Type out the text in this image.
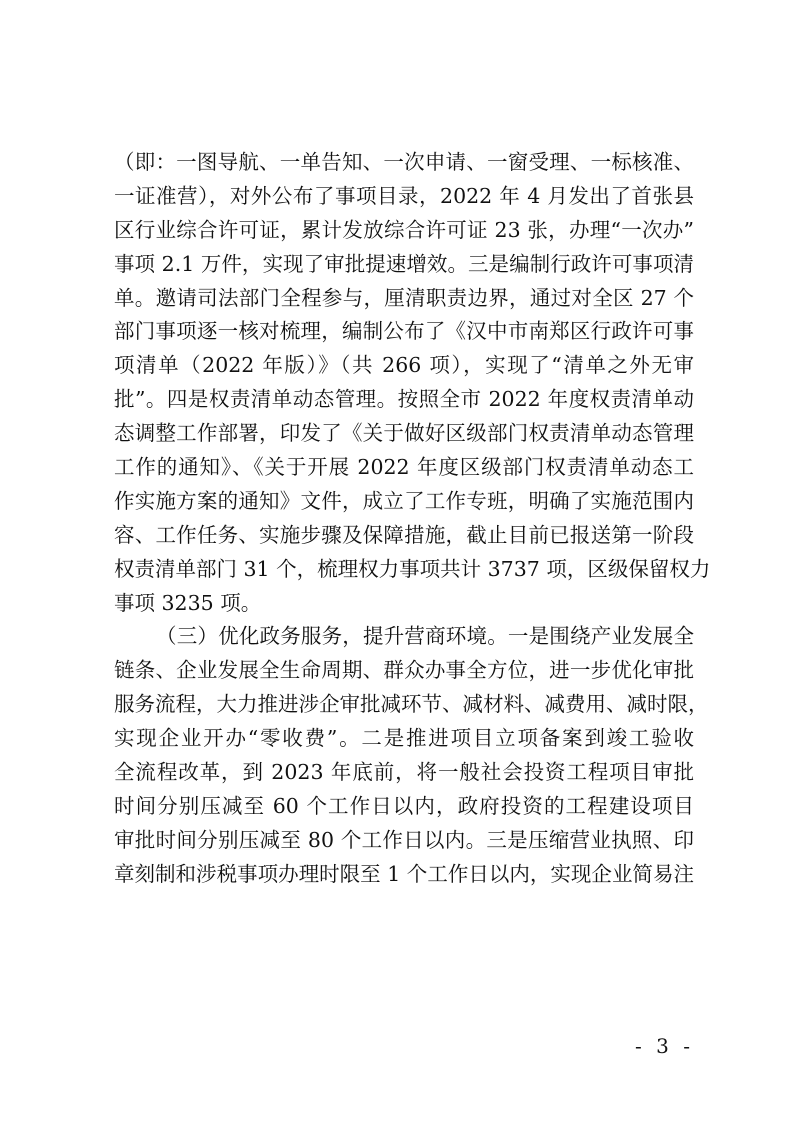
（即：一图导航、一单告知、一次申请、一窗受理、一标核准、
一证准营），对外公布了事项目录，2022 年 4 月发出了首张县
区行业综合许可证，累计发放综合许可证 23 张，办理“一次办”
事项 2.1 万件，实现了审批提速增效。三是编制行政许可事项清
单。邀请司法部门全程参与，厘清职责边界，通过对全区 27 个
部门事项逐一核对梳理，编制公布了《汉中市南郑区行政许可事
项清单（2022 年版）》（共 266 项），实现了“清单之外无审
批”。四是权责清单动态管理。按照全市 2022 年度权责清单动
态调整工作部署，印发了《关于做好区级部门权责清单动态管理
工作的通知》、《关于开展 2022 年度区级部门权责清单动态工
作实施方案的通知》文件，成立了工作专班，明确了实施范围内
容、工作任务、实施步骤及保障措施，截止目前已报送第一阶段
权责清单部门 31 个，梳理权力事项共计 3737 项，区级保留权力
事项 3235 项。
（三）优化政务服务，提升营商环境。一是围绕产业发展全
链条、企业发展全生命周期、群众办事全方位，进一步优化审批
服务流程，大力推进涉企审批减环节、减材料、减费用、减时限，
实现企业开办“零收费”。二是推进项目立项备案到竣工验收
全流程改革，到 2023 年底前，将一般社会投资工程项目审批
时间分别压减至 60 个工作日以内，政府投资的工程建设项目
审批时间分别压减至 80 个工作日以内。三是压缩营业执照、印
章刻制和涉税事项办理时限至 1 个工作日以内，实现企业简易注
- 3 -
